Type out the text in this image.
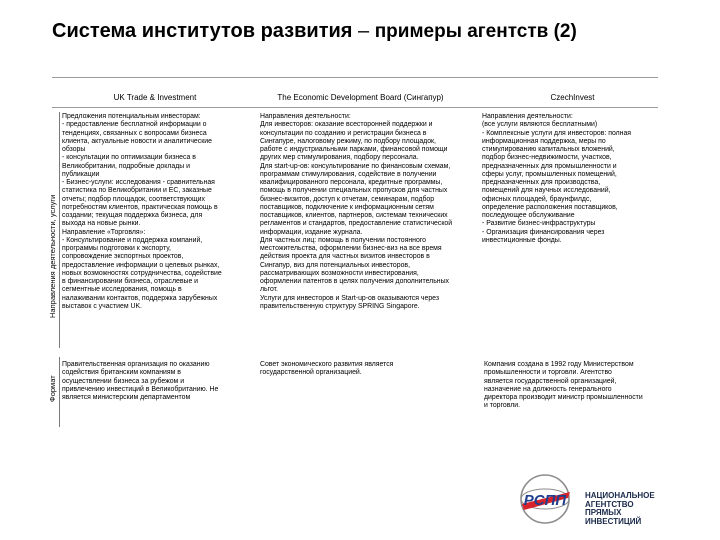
Система институтов развития – примеры агентств (2)
UK Trade & Investment	The Economic Development Board (Сингапур)	CzechInvest
Направления деятельности, услуги
Формат
Предложения потенциальным инвесторам:
- предоставление бесплатной информации о
тенденциях, связанных с вопросами бизнеса
клиента, актуальные новости и аналитические
обзоры
- консультации по оптимизации бизнеса в
Великобритании, подробные доклады и
публикации
- Бизнес-услуги: исследования - сравнительная
статистика по Великобритании и ЕС, заказные
отчеты; подбор площадок, соответствующих
потребностям клиентов, практическая помощь в
создании; текущая поддержка бизнеса, для
выхода на новые рынки.
Направление «Торговля»:
- Консультирование и поддержка компаний,
программы подготовки к экспорту,
сопровождение экспортных проектов,
предоставление информации о целевых рынках,
новых возможностях сотрудничества, содействие
в финансировании бизнеса, отраслевые и
сегментные исследования, помощь в
налаживании контактов, поддержка зарубежных
выставок с участием UK.
Направления деятельности:
Для инвесторов: оказание всесторонней поддержки и
консультации по созданию и регистрации бизнеса в
Сингапуре, налоговому режиму, по подбору площадок,
работе с индустриальными парками, финансовой помощи
других мер стимулирования, подбору персонала.
Для start-up-ов: консультирование по финансовым схемам,
программам стимулирования, содействие в получении
квалифицированного персонала, кредитные программы,
помощь в получении специальных пропусков для частных
бизнес-визитов, доступ к отчетам, семинарам, подбор
поставщиков, подключение к информационным сетям
поставщиков, клиентов, партнеров, системам технических
регламентов и стандартов, предоставление статистической
информации, издание журнала.
Для частных лиц: помощь в получении постоянного
местожительства, оформлении бизнес-виз на все время
действия проекта для частных визитов инвесторов в
Сингапур, виз для потенциальных инвесторов,
рассматривающих возможности инвестирования,
оформлении патентов в целях получения дополнительных
льгот.
Услуги для инвесторов и Start-up-ов оказываются через
правительственную структуру SPRING Singapore.
Направления деятельности:
(все услуги являются бесплатными)
- Комплексные услуги для инвесторов: полная
информационная поддержка, меры по
стимулированию капитальных вложений,
подбор бизнес-недвижимости, участков,
предназначенных для промышленности и
сферы услуг, промышленных помещений,
предназначенных для производства,
помещений для научных исследований,
офисных площадей, браунфилдс,
определение расположения поставщиков,
последующее обслуживание
- Развитие бизнес-инфраструктуры
- Организация финансирования через
инвестиционные фонды.
Правительственная организация по оказанию
содействия британским компаниям в
осуществлении бизнеса за рубежом и
привлечению инвестиций в Великобританию. Не
является министерским департаментом
Совет экономического развития является
государственной организацией.
Компания создана в 1992 году Министерством
промышленности и торговли. Агентство
является государственной организацией,
назначение на должность генерального
директора производит министр промышленности
и торговли.
РСПП НАЦИОНАЛЬНОЕ
АГЕНТСТВО
ПРЯМЫХ
ИНВЕСТИЦИЙ
